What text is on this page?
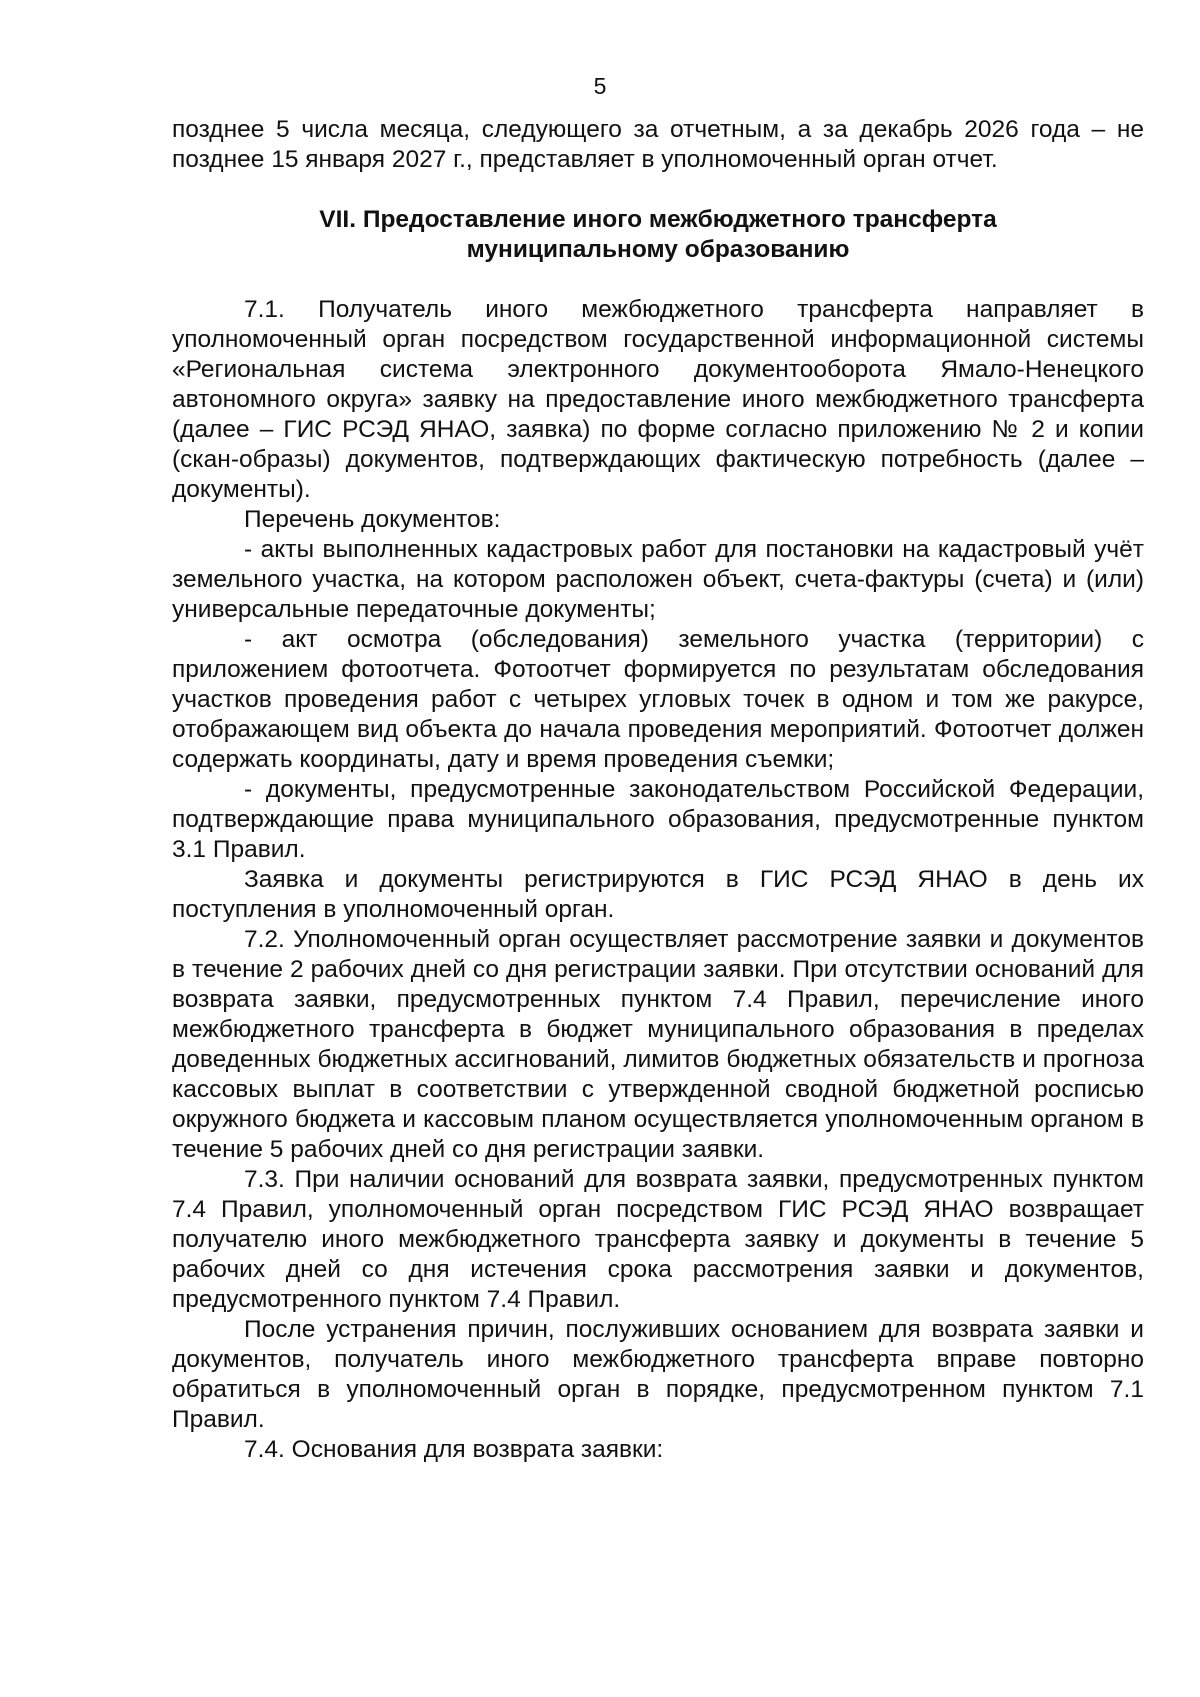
5

позднее 5 числа месяца, следующего за отчетным, а за декабрь 2026 года – не позднее 15 января 2027 г., представляет в уполномоченный орган отчет.

VII. Предоставление иного межбюджетного трансферта
муниципальному образованию

7.1. Получатель иного межбюджетного трансферта направляет в уполномоченный орган посредством государственной информационной системы «Региональная система электронного документооборота Ямало-Ненецкого автономного округа» заявку на предоставление иного межбюджетного трансферта (далее – ГИС РСЭД ЯНАО, заявка) по форме согласно приложению № 2 и копии (скан-образы) документов, подтверждающих фактическую потребность (далее – документы).

Перечень документов:

- акты выполненных кадастровых работ для постановки на кадастровый учёт земельного участка, на котором расположен объект, счета-фактуры (счета) и (или) универсальные передаточные документы;

- акт осмотра (обследования) земельного участка (территории) с приложением фотоотчета. Фотоотчет формируется по результатам обследования участков проведения работ с четырех угловых точек в одном и том же ракурсе, отображающем вид объекта до начала проведения мероприятий. Фотоотчет должен содержать координаты, дату и время проведения съемки;

- документы, предусмотренные законодательством Российской Федерации, подтверждающие права муниципального образования, предусмотренные пунктом 3.1 Правил.

Заявка и документы регистрируются в ГИС РСЭД ЯНАО в день их поступления в уполномоченный орган.

7.2. Уполномоченный орган осуществляет рассмотрение заявки и документов в течение 2 рабочих дней со дня регистрации заявки. При отсутствии оснований для возврата заявки, предусмотренных пунктом 7.4 Правил, перечисление иного межбюджетного трансферта в бюджет муниципального образования в пределах доведенных бюджетных ассигнований, лимитов бюджетных обязательств и прогноза кассовых выплат в соответствии с утвержденной сводной бюджетной росписью окружного бюджета и кассовым планом осуществляется уполномоченным органом в течение 5 рабочих дней со дня регистрации заявки.

7.3. При наличии оснований для возврата заявки, предусмотренных пунктом 7.4 Правил, уполномоченный орган посредством ГИС РСЭД ЯНАО возвращает получателю иного межбюджетного трансферта заявку и документы в течение 5 рабочих дней со дня истечения срока рассмотрения заявки и документов, предусмотренного пунктом 7.4 Правил.

После устранения причин, послуживших основанием для возврата заявки и документов, получатель иного межбюджетного трансферта вправе повторно обратиться в уполномоченный орган в порядке, предусмотренном пунктом 7.1 Правил.

7.4. Основания для возврата заявки:
